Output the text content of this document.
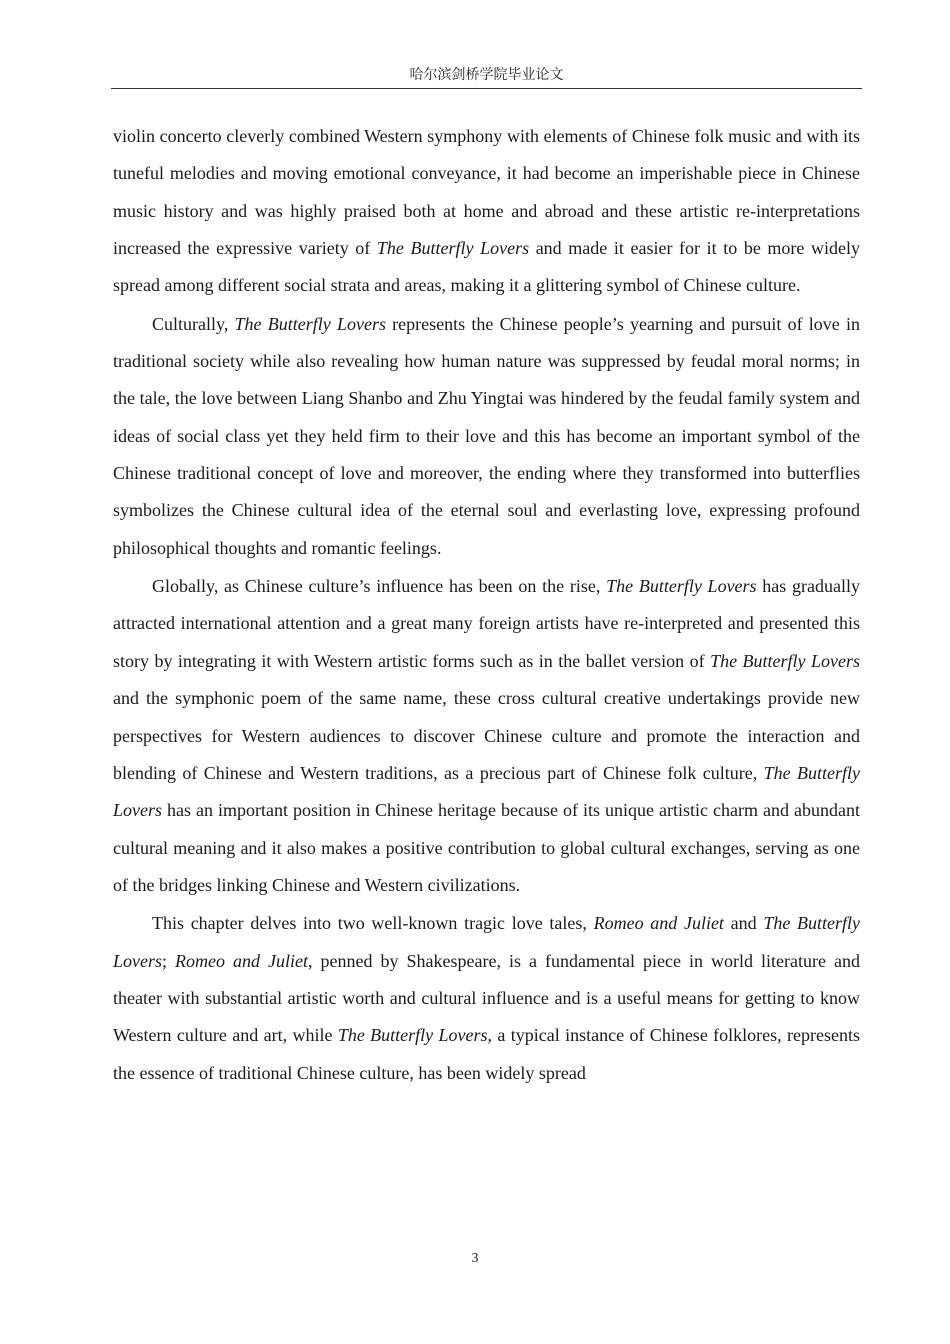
哈尔滨剑桥学院毕业论文

violin concerto cleverly combined Western symphony with elements of Chinese folk music and with its tuneful melodies and moving emotional conveyance, it had become an imperishable piece in Chinese music history and was highly praised both at home and abroad and these artistic re-interpretations increased the expressive variety of The Butterfly Lovers and made it easier for it to be more widely spread among different social strata and areas, making it a glittering symbol of Chinese culture.

Culturally, The Butterfly Lovers represents the Chinese people’s yearning and pursuit of love in traditional society while also revealing how human nature was suppressed by feudal moral norms; in the tale, the love between Liang Shanbo and Zhu Yingtai was hindered by the feudal family system and ideas of social class yet they held firm to their love and this has become an important symbol of the Chinese traditional concept of love and moreover, the ending where they transformed into butterflies symbolizes the Chinese cultural idea of the eternal soul and everlasting love, expressing profound philosophical thoughts and romantic feelings.

Globally, as Chinese culture’s influence has been on the rise, The Butterfly Lovers has gradually attracted international attention and a great many foreign artists have re-interpreted and presented this story by integrating it with Western artistic forms such as in the ballet version of The Butterfly Lovers and the symphonic poem of the same name, these cross cultural creative undertakings provide new perspectives for Western audiences to discover Chinese culture and promote the interaction and blending of Chinese and Western traditions, as a precious part of Chinese folk culture, The Butterfly Lovers has an important position in Chinese heritage because of its unique artistic charm and abundant cultural meaning and it also makes a positive contribution to global cultural exchanges, serving as one of the bridges linking Chinese and Western civilizations.

This chapter delves into two well-known tragic love tales, Romeo and Juliet and The Butterfly Lovers; Romeo and Juliet, penned by Shakespeare, is a fundamental piece in world literature and theater with substantial artistic worth and cultural influence and is a useful means for getting to know Western culture and art, while The Butterfly Lovers, a typical instance of Chinese folklores, represents the essence of traditional Chinese culture, has been widely spread

3
